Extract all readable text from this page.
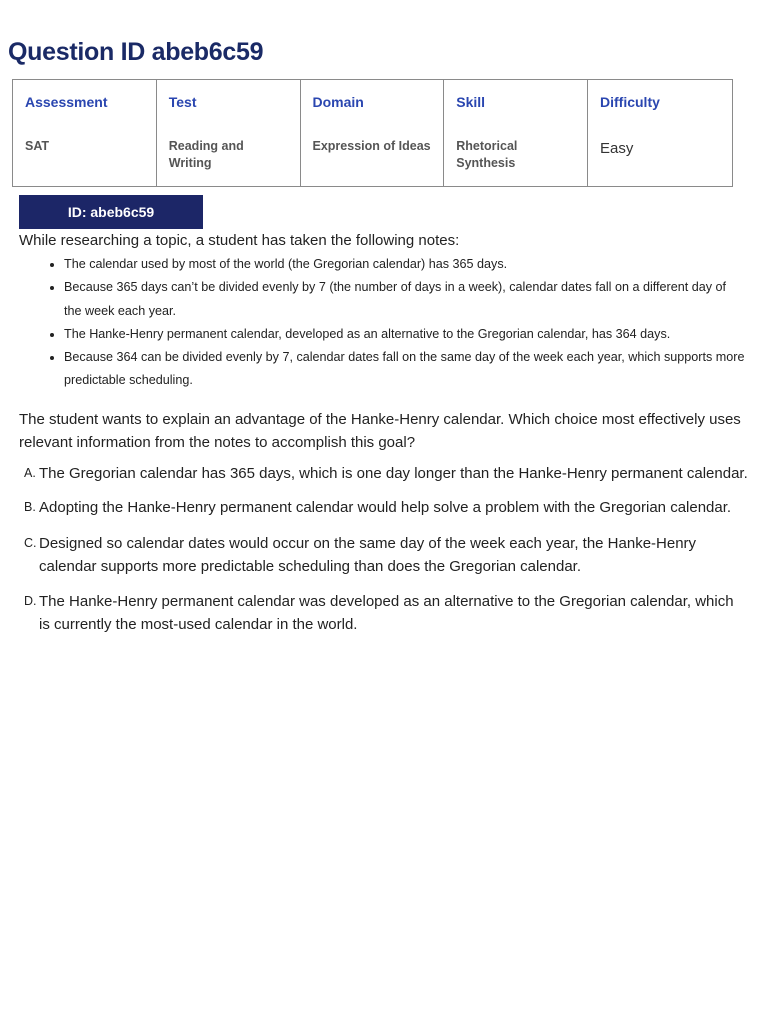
Question ID abeb6c59
Assessment	Test	Domain	Skill	Difficulty
SAT	Reading and Writing	Expression of Ideas	Rhetorical Synthesis	Easy
ID: abeb6c59

While researching a topic, a student has taken the following notes:

• The calendar used by most of the world (the Gregorian calendar) has 365 days.
• Because 365 days can’t be divided evenly by 7 (the number of days in a week), calendar dates fall on a different day of the week each year.
• The Hanke-Henry permanent calendar, developed as an alternative to the Gregorian calendar, has 364 days.
• Because 364 can be divided evenly by 7, calendar dates fall on the same day of the week each year, which supports more predictable scheduling.

The student wants to explain an advantage of the Hanke-Henry calendar. Which choice most effectively uses relevant information from the notes to accomplish this goal?

A. The Gregorian calendar has 365 days, which is one day longer than the Hanke-Henry permanent calendar.
B. Adopting the Hanke-Henry permanent calendar would help solve a problem with the Gregorian calendar.
C. Designed so calendar dates would occur on the same day of the week each year, the Hanke-Henry calendar supports more predictable scheduling than does the Gregorian calendar.
D. The Hanke-Henry permanent calendar was developed as an alternative to the Gregorian calendar, which is currently the most-used calendar in the world.
